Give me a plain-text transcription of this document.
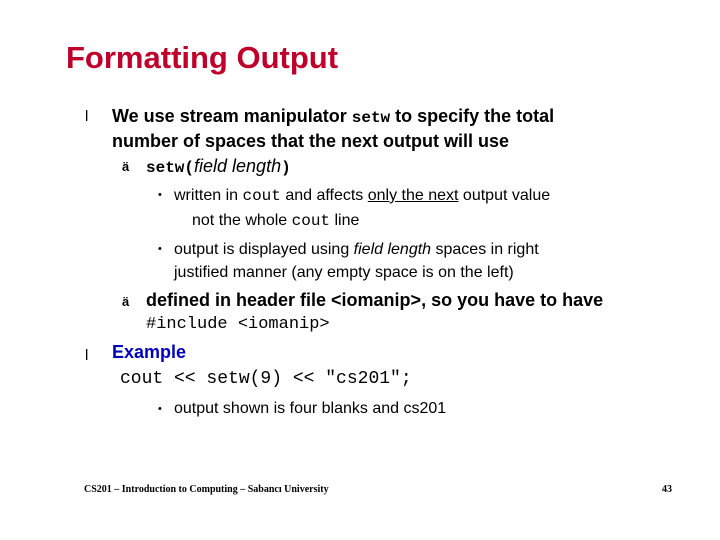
Formatting Output
l We use stream manipulator setw to specify the total
number of spaces that the next output will use
ä setw(field length)
• written in cout and affects only the next output value
not the whole cout line
• output is displayed using field length spaces in right
justified manner (any empty space is on the left)
ä defined in header file <iomanip>, so you have to have
#include <iomanip>
l Example
cout << setw(9) << "cs201";
• output shown is four blanks and cs201
CS201 – Introduction to Computing – Sabancı University	43
